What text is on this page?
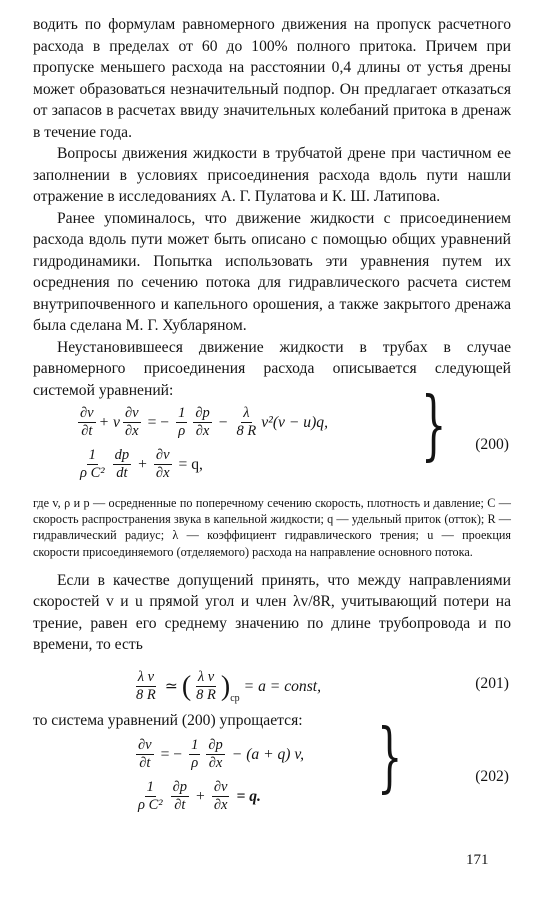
водить по формулам равномерного движения на пропуск расчетного расхода в пределах от 60 до 100% полного притока. Причем при пропуске меньшего расхода на расстоянии 0,4 длины от устья дрены может образоваться незначительный подпор. Он предлагает отказаться от запасов в расчетах ввиду значительных колебаний притока в дренаж в течение года.

Вопросы движения жидкости в трубчатой дрене при частичном ее заполнении в условиях присоединения расхода вдоль пути нашли отражение в исследованиях А. Г. Пулатова и К. Ш. Латипова.

Ранее упоминалось, что движение жидкости с присоединением расхода вдоль пути может быть описано с помощью общих уравнений гидродинамики. Попытка использовать эти уравнения путем их осреднения по сечению потока для гидравлического расчета систем внутрипочвенного и капельного орошения, а также закрытого дренажа была сделана М. Г. Хубларяном.

Неустановившееся движение жидкости в трубах в случае равномерного присоединения расхода описывается следующей системой уравнений:

$\frac{\partial v}{\partial t} + v \frac{\partial v}{\partial x}$ = − $\frac{1}{\rho} \frac{\partial p}{\partial x} - \frac{\lambda}{8 R} v^2(v - u)q$,
$\frac{1}{\text{ρ C²}} \frac{dp}{dt} + \frac{\partial v}{\partial x} = q$,	} (200)

где v, ρ и p — осредненные по поперечному сечению скорость, плотность и давление; C — скорость распространения звука в капельной жидкости; q — удельный приток (отток); R — гидравлический радиус; λ — коэффициент гидравлического трения; u — проекция скорости присоединяемого (отделяемого) расхода на направление основного потока.

Если в качестве допущений принять, что между направлениями скоростей v и u прямой угол и член λv/8R, учитывающий потери на трение, равен его среднему значению по длине трубопровода и по времени, то есть

$\frac{\text{λ v}}{8 R}$ ≃ ( $\frac{\text{λ v}}{8 R} )_{ср}$
= a = const,	(201)

то система уравнений (200) упрощается:

$\frac{\partial v}{\partial t}$ = − $\frac{1}{\rho} \frac{\partial p}{\partial x} - (a + q)$ v,
$\frac{1}{\text{ρ C²}} \frac{\partial p}{\partial t} + \frac{\partial v}{\partial x} = q$.	}	(202)
171
